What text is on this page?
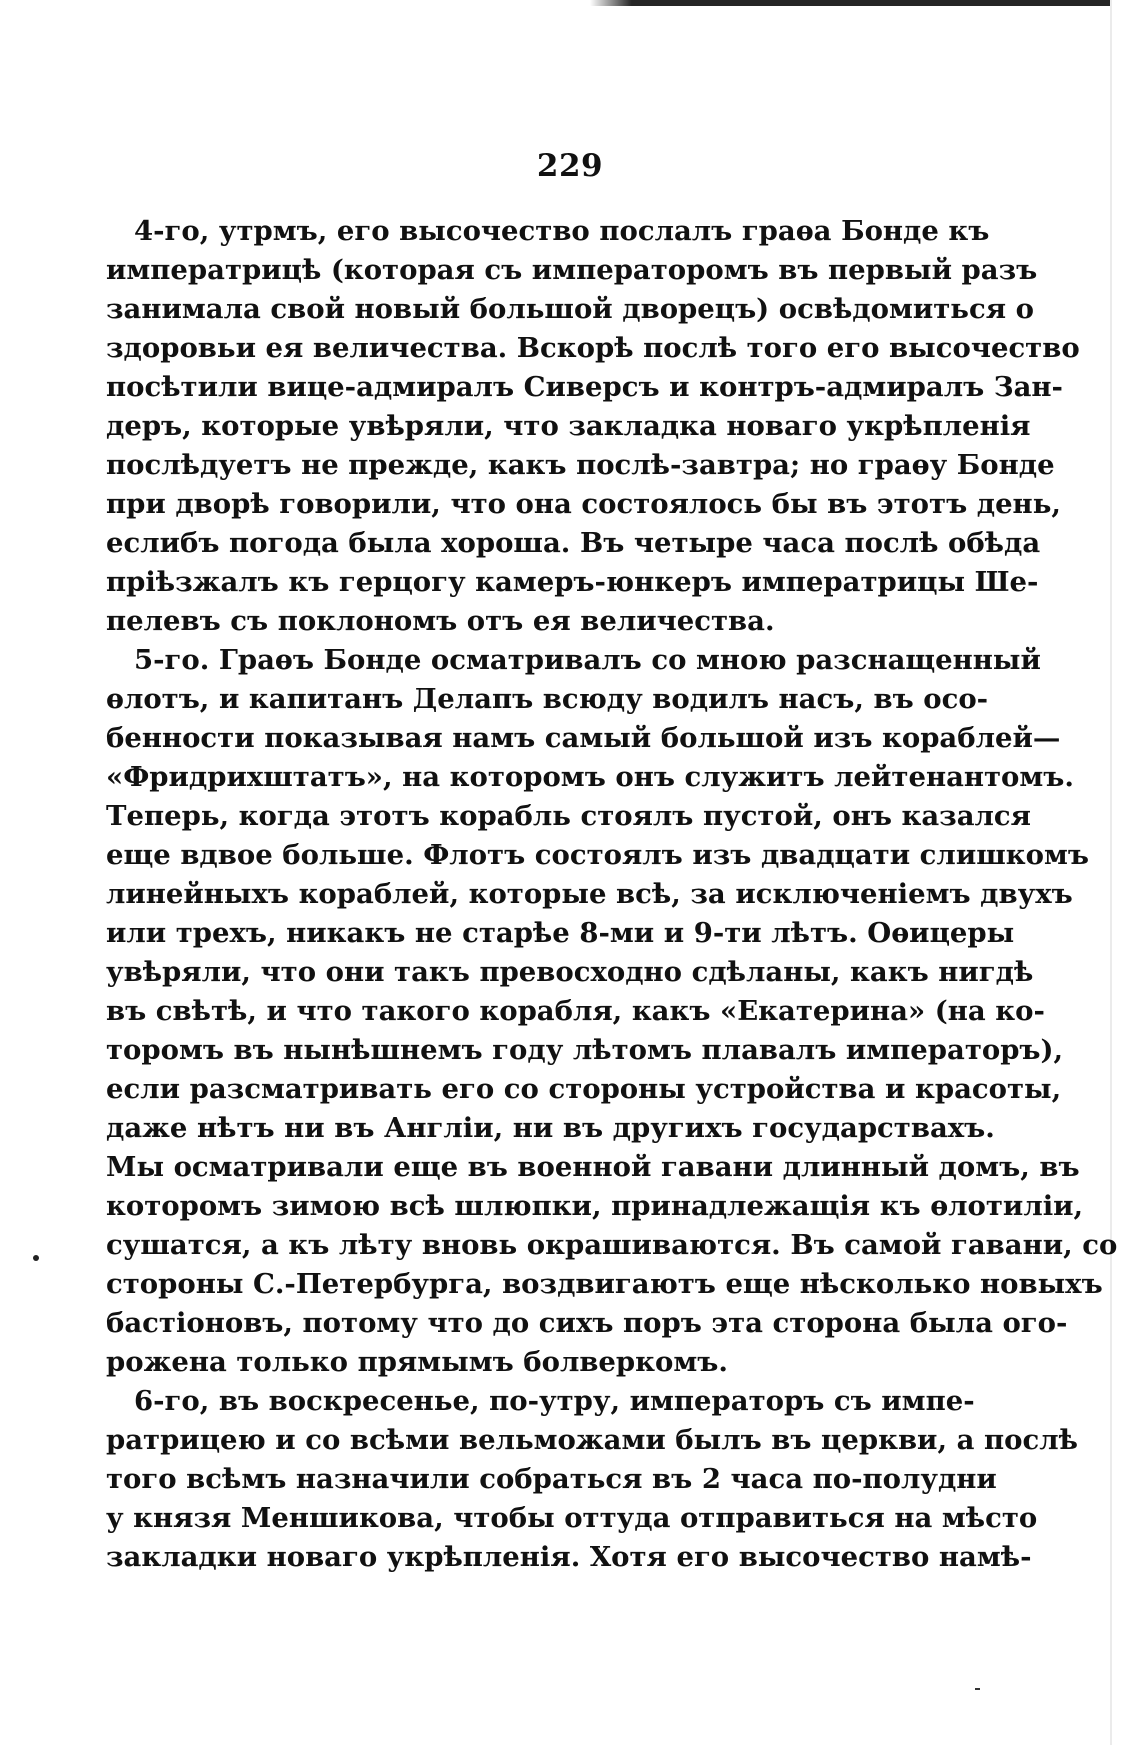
229
4-го, утрмъ, его высочество послалъ граѳа Бонде къ
императрицѣ (которая съ императоромъ въ первый разъ
занимала свой новый большой дворецъ) освѣдомиться о
здоровьи ея величества. Вскорѣ послѣ того его высочество
посѣтили вице-адмиралъ Сиверсъ и контръ-адмиралъ Зан-
деръ, которые увѣряли, что закладка новаго укрѣпленія
послѣдуетъ не прежде, какъ послѣ-завтра; но граѳу Бонде
при дворѣ говорили, что она состоялось бы въ этотъ день,
еслибъ погода была хороша. Въ четыре часа послѣ обѣда
пріѣзжалъ къ герцогу камеръ-юнкеръ императрицы Ше-
пелевъ съ поклономъ отъ ея величества.
5-го. Граѳъ Бонде осматривалъ со мною разснащенный
ѳлотъ, и капитанъ Делапъ всюду водилъ насъ, въ осо-
бенности показывая намъ самый большой изъ кораблей—
«Фридрихштатъ», на которомъ онъ служитъ лейтенантомъ.
Теперь, когда этотъ корабль стоялъ пустой, онъ казался
еще вдвое больше. Флотъ состоялъ изъ двадцати слишкомъ
линейныхъ кораблей, которые всѣ, за исключеніемъ двухъ
или трехъ, никакъ не старѣе 8-ми и 9-ти лѣтъ. Оѳицеры
увѣряли, что они такъ превосходно сдѣланы, какъ нигдѣ
въ свѣтѣ, и что такого корабля, какъ «Екатерина» (на ко-
торомъ въ нынѣшнемъ году лѣтомъ плавалъ императоръ),
если разсматривать его со стороны устройства и красоты,
даже нѣтъ ни въ Англіи, ни въ другихъ государствахъ.
Мы осматривали еще въ военной гавани длинный домъ, въ
которомъ зимою всѣ шлюпки, принадлежащія къ ѳлотиліи,
сушатся, а къ лѣту вновь окрашиваются. Въ самой гавани, со
стороны С.-Петербурга, воздвигаютъ еще нѣсколько новыхъ
бастіоновъ, потому что до сихъ поръ эта сторона была ого-
рожена только прямымъ болверкомъ.
6-го, въ воскресенье, по-утру, императоръ съ импе-
ратрицею и со всѣми вельможами былъ въ церкви, а послѣ
того всѣмъ назначили собраться въ 2 часа по-полудни
у князя Меншикова, чтобы оттуда отправиться на мѣсто
закладки новаго укрѣпленія. Хотя его высочество намѣ-
